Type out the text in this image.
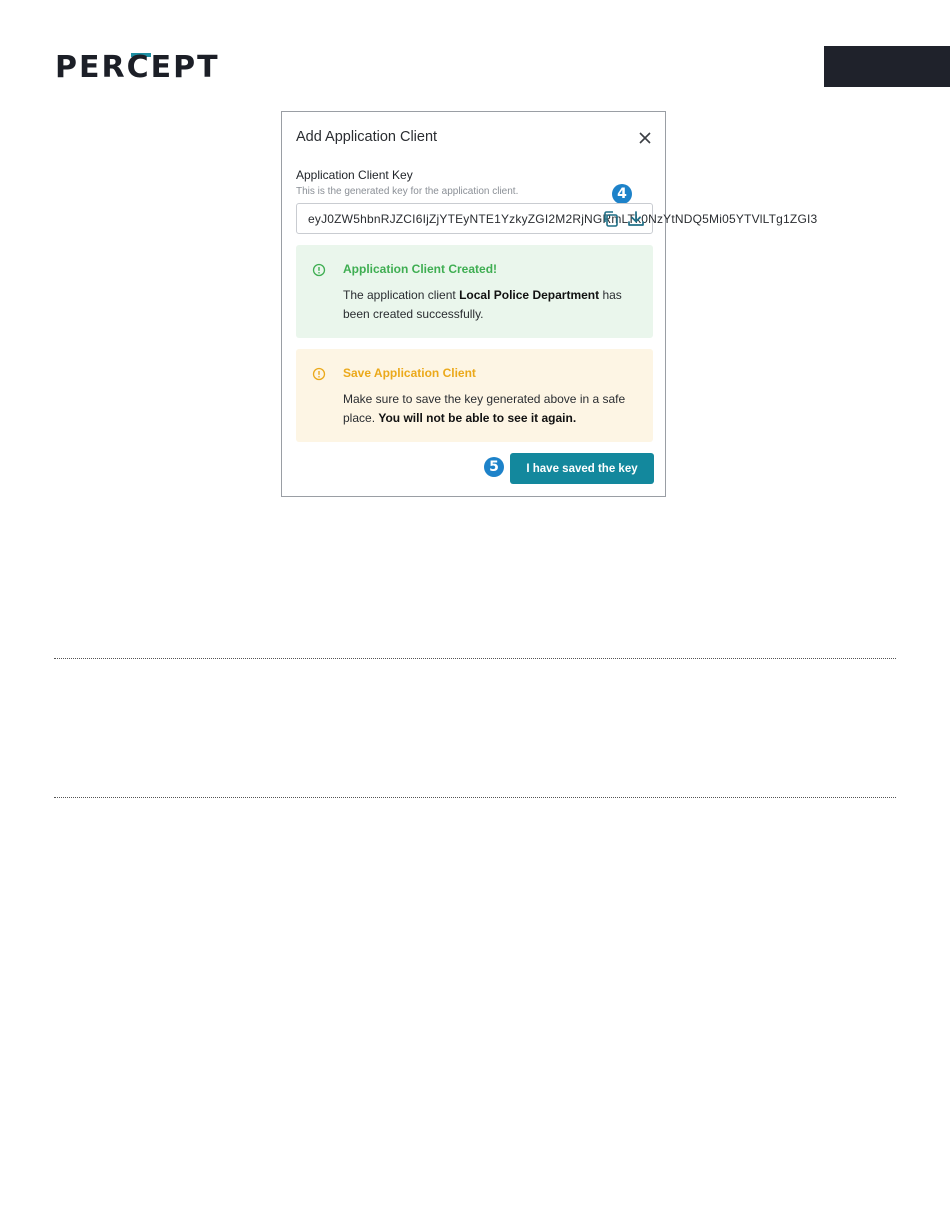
PERCEPT
Add Application Client
Application Client Key
This is the generated key for the application client.	4
eyJ0ZW5hbnRJZCI6IjZjYTEyNTE1YzkyZGI2M2RjNGRmLTk0NzYtNDQ5Mi05YTVlLTg1ZGI3
Application Client Created!
The application client Local Police Department has been created successfully.
Save Application Client
Make sure to save the key generated above in a safe place. You will not be able to see it again.
5	I have saved the key
